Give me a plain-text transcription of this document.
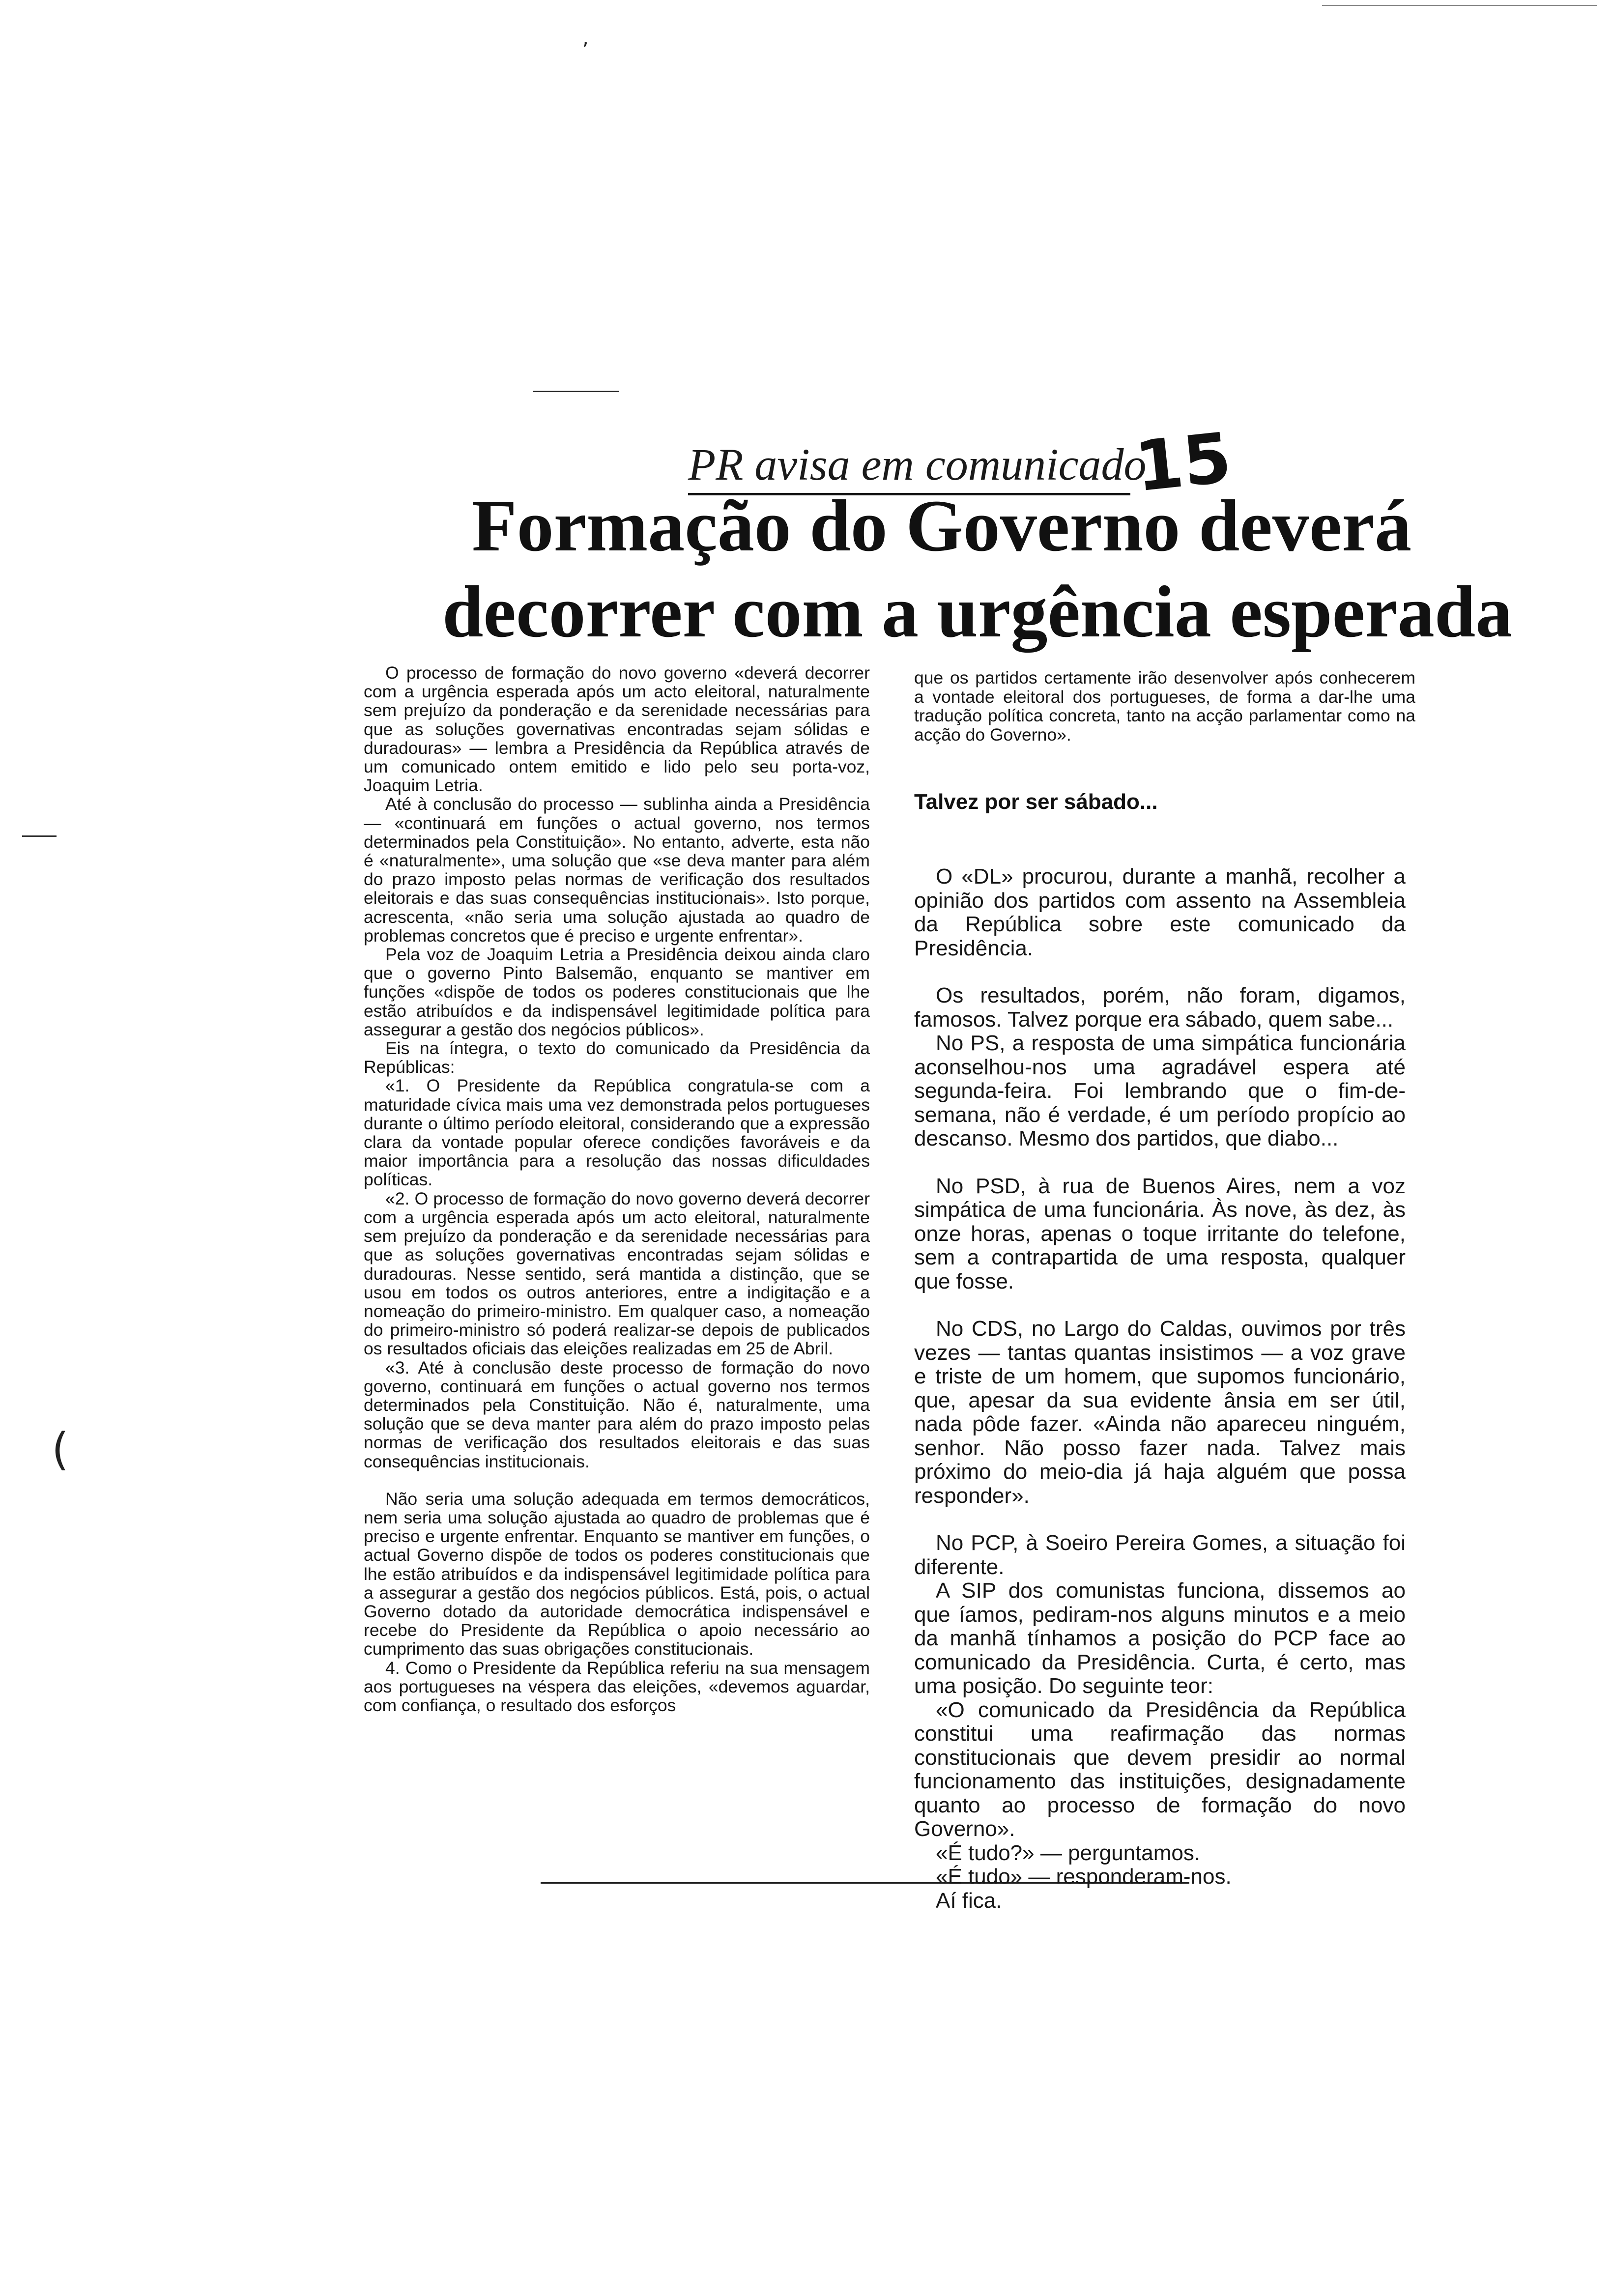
(
,
PR avisa em comunicado
15
Formação do Governo deverá
decorrer com a urgência esperada

O processo de formação do novo governo «deverá decorrer com a urgência esperada após um acto eleitoral, naturalmente sem prejuízo da ponderação e da serenidade necessárias para que as soluções governativas encontradas sejam sólidas e duradouras» — lembra a Presidência da República através de um comunicado ontem emitido e lido pelo seu porta-voz, Joaquim Letria.

Até à conclusão do processo — sublinha ainda a Presidência — «continuará em funções o actual governo, nos termos determinados pela Constituição». No entanto, adverte, esta não é «naturalmente», uma solução que «se deva manter para além do prazo imposto pelas normas de verificação dos resultados eleitorais e das suas consequências institucionais». Isto porque, acrescenta, «não seria uma solução ajustada ao quadro de problemas concretos que é preciso e urgente enfrentar».

Pela voz de Joaquim Letria a Presidência deixou ainda claro que o governo Pinto Balsemão, enquanto se mantiver em funções «dispõe de todos os poderes constitucionais que lhe estão atribuídos e da indispensável legitimidade política para assegurar a gestão dos negócios públicos».

Eis na íntegra, o texto do comunicado da Presidência da Repúblicas:

«1. O Presidente da República congratula-se com a maturidade cívica mais uma vez demonstrada pelos portugueses durante o último período eleitoral, considerando que a expressão clara da vontade popular oferece condições favoráveis e da maior importância para a resolução das nossas dificuldades políticas.

«2. O processo de formação do novo governo deverá decorrer com a urgência esperada após um acto eleitoral, naturalmente sem prejuízo da ponderação e da serenidade necessárias para que as soluções governativas encontradas sejam sólidas e duradouras. Nesse sentido, será mantida a distinção, que se usou em todos os outros anteriores, entre a indigitação e a nomeação do primeiro-ministro. Em qualquer caso, a nomeação do primeiro-ministro só poderá realizar-se depois de publicados os resultados oficiais das eleições realizadas em 25 de Abril.

«3. Até à conclusão deste processo de formação do novo governo, continuará em funções o actual governo nos termos determinados pela Constituição. Não é, naturalmente, uma solução que se deva manter para além do prazo imposto pelas normas de verificação dos resultados eleitorais e das suas consequências institucionais.

Não seria uma solução adequada em termos democráticos, nem seria uma solução ajustada ao quadro de problemas que é preciso e urgente enfrentar. Enquanto se mantiver em funções, o actual Governo dispõe de todos os poderes constitucionais que lhe estão atribuídos e da indispensável legitimidade política para a assegurar a gestão dos negócios públicos. Está, pois, o actual Governo dotado da autoridade democrática indispensável e recebe do Presidente da República o apoio necessário ao cumprimento das suas obrigações constitucionais.

4. Como o Presidente da República referiu na sua mensagem aos portugueses na véspera das eleições, «devemos aguardar, com confiança, o resultado dos esforços

que os partidos certamente irão desenvolver após conhecerem a vontade eleitoral dos portugueses, de forma a dar-lhe uma tradução política concreta, tanto na acção parlamentar como na acção do Governo».

Talvez por ser sábado...

O «DL» procurou, durante a manhã, recolher a opinião dos partidos com assento na Assembleia da República sobre este comunicado da Presidência.

Os resultados, porém, não foram, digamos, famosos. Talvez porque era sábado, quem sabe...

No PS, a resposta de uma simpática funcionária aconselhou-nos uma agradável espera até segunda-feira. Foi lembrando que o fim-de-semana, não é verdade, é um período propício ao descanso. Mesmo dos partidos, que diabo...

No PSD, à rua de Buenos Aires, nem a voz simpática de uma funcionária. Às nove, às dez, às onze horas, apenas o toque irritante do telefone, sem a contrapartida de uma resposta, qualquer que fosse.

No CDS, no Largo do Caldas, ouvimos por três vezes — tantas quantas insistimos — a voz grave e triste de um homem, que supomos funcionário, que, apesar da sua evidente ânsia em ser útil, nada pôde fazer. «Ainda não apareceu ninguém, senhor. Não posso fazer nada. Talvez mais próximo do meio-dia já haja alguém que possa responder».

No PCP, à Soeiro Pereira Gomes, a situação foi diferente.

A SIP dos comunistas funciona, dissemos ao que íamos, pediram-nos alguns minutos e a meio da manhã tínhamos a posição do PCP face ao comunicado da Presidência. Curta, é certo, mas uma posição. Do seguinte teor:

«O comunicado da Presidência da República constitui uma reafirmação das normas constitucionais que devem presidir ao normal funcionamento das instituições, designadamente quanto ao processo de formação do novo Governo».

«É tudo?» — perguntamos.

«É tudo» — responderam-nos.

Aí fica.
